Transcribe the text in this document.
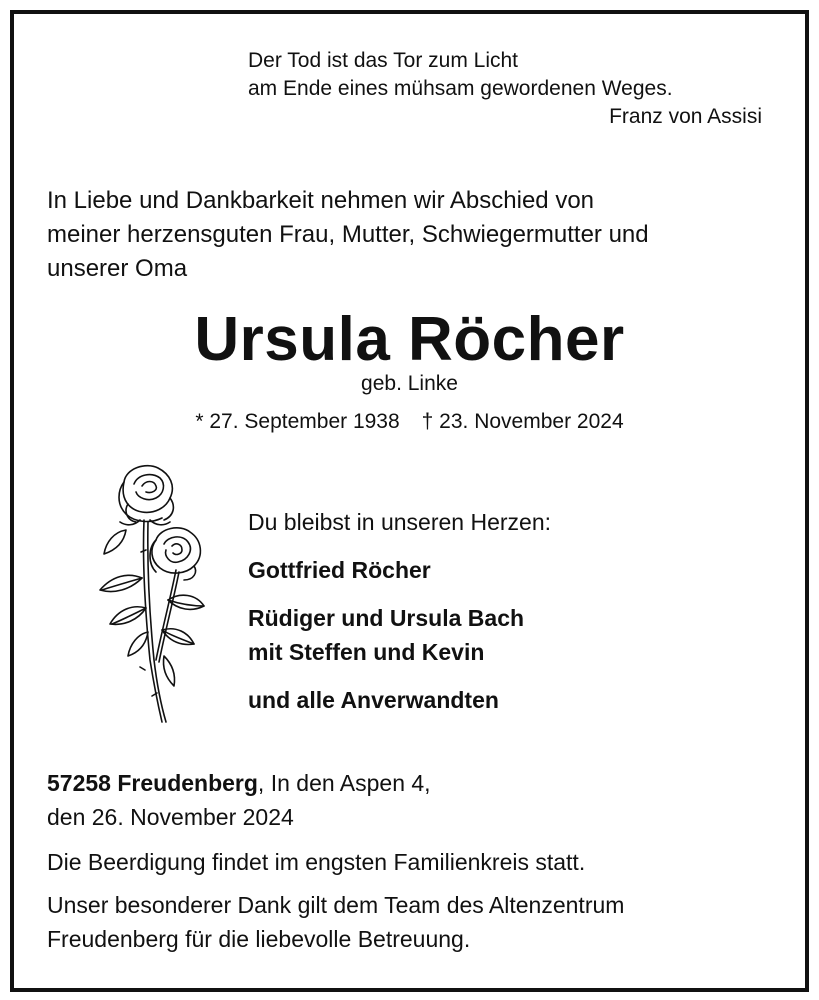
Der Tod ist das Tor zum Licht
am Ende eines mühsam gewordenen Weges.
Franz von Assisi
In Liebe und Dankbarkeit nehmen wir Abschied von
meiner herzensguten Frau, Mutter, Schwiegermutter und
unserer Oma
Ursula Röcher
geb. Linke
* 27. September 1938 † 23. November 2024
Du bleibst in unseren Herzen:
Gottfried Röcher
Rüdiger und Ursula Bach
mit Steffen und Kevin
und alle Anverwandten
57258 Freudenberg, In den Aspen 4,
den 26. November 2024
Die Beerdigung findet im engsten Familienkreis statt.
Unser besonderer Dank gilt dem Team des Altenzentrum
Freudenberg für die liebevolle Betreuung.
